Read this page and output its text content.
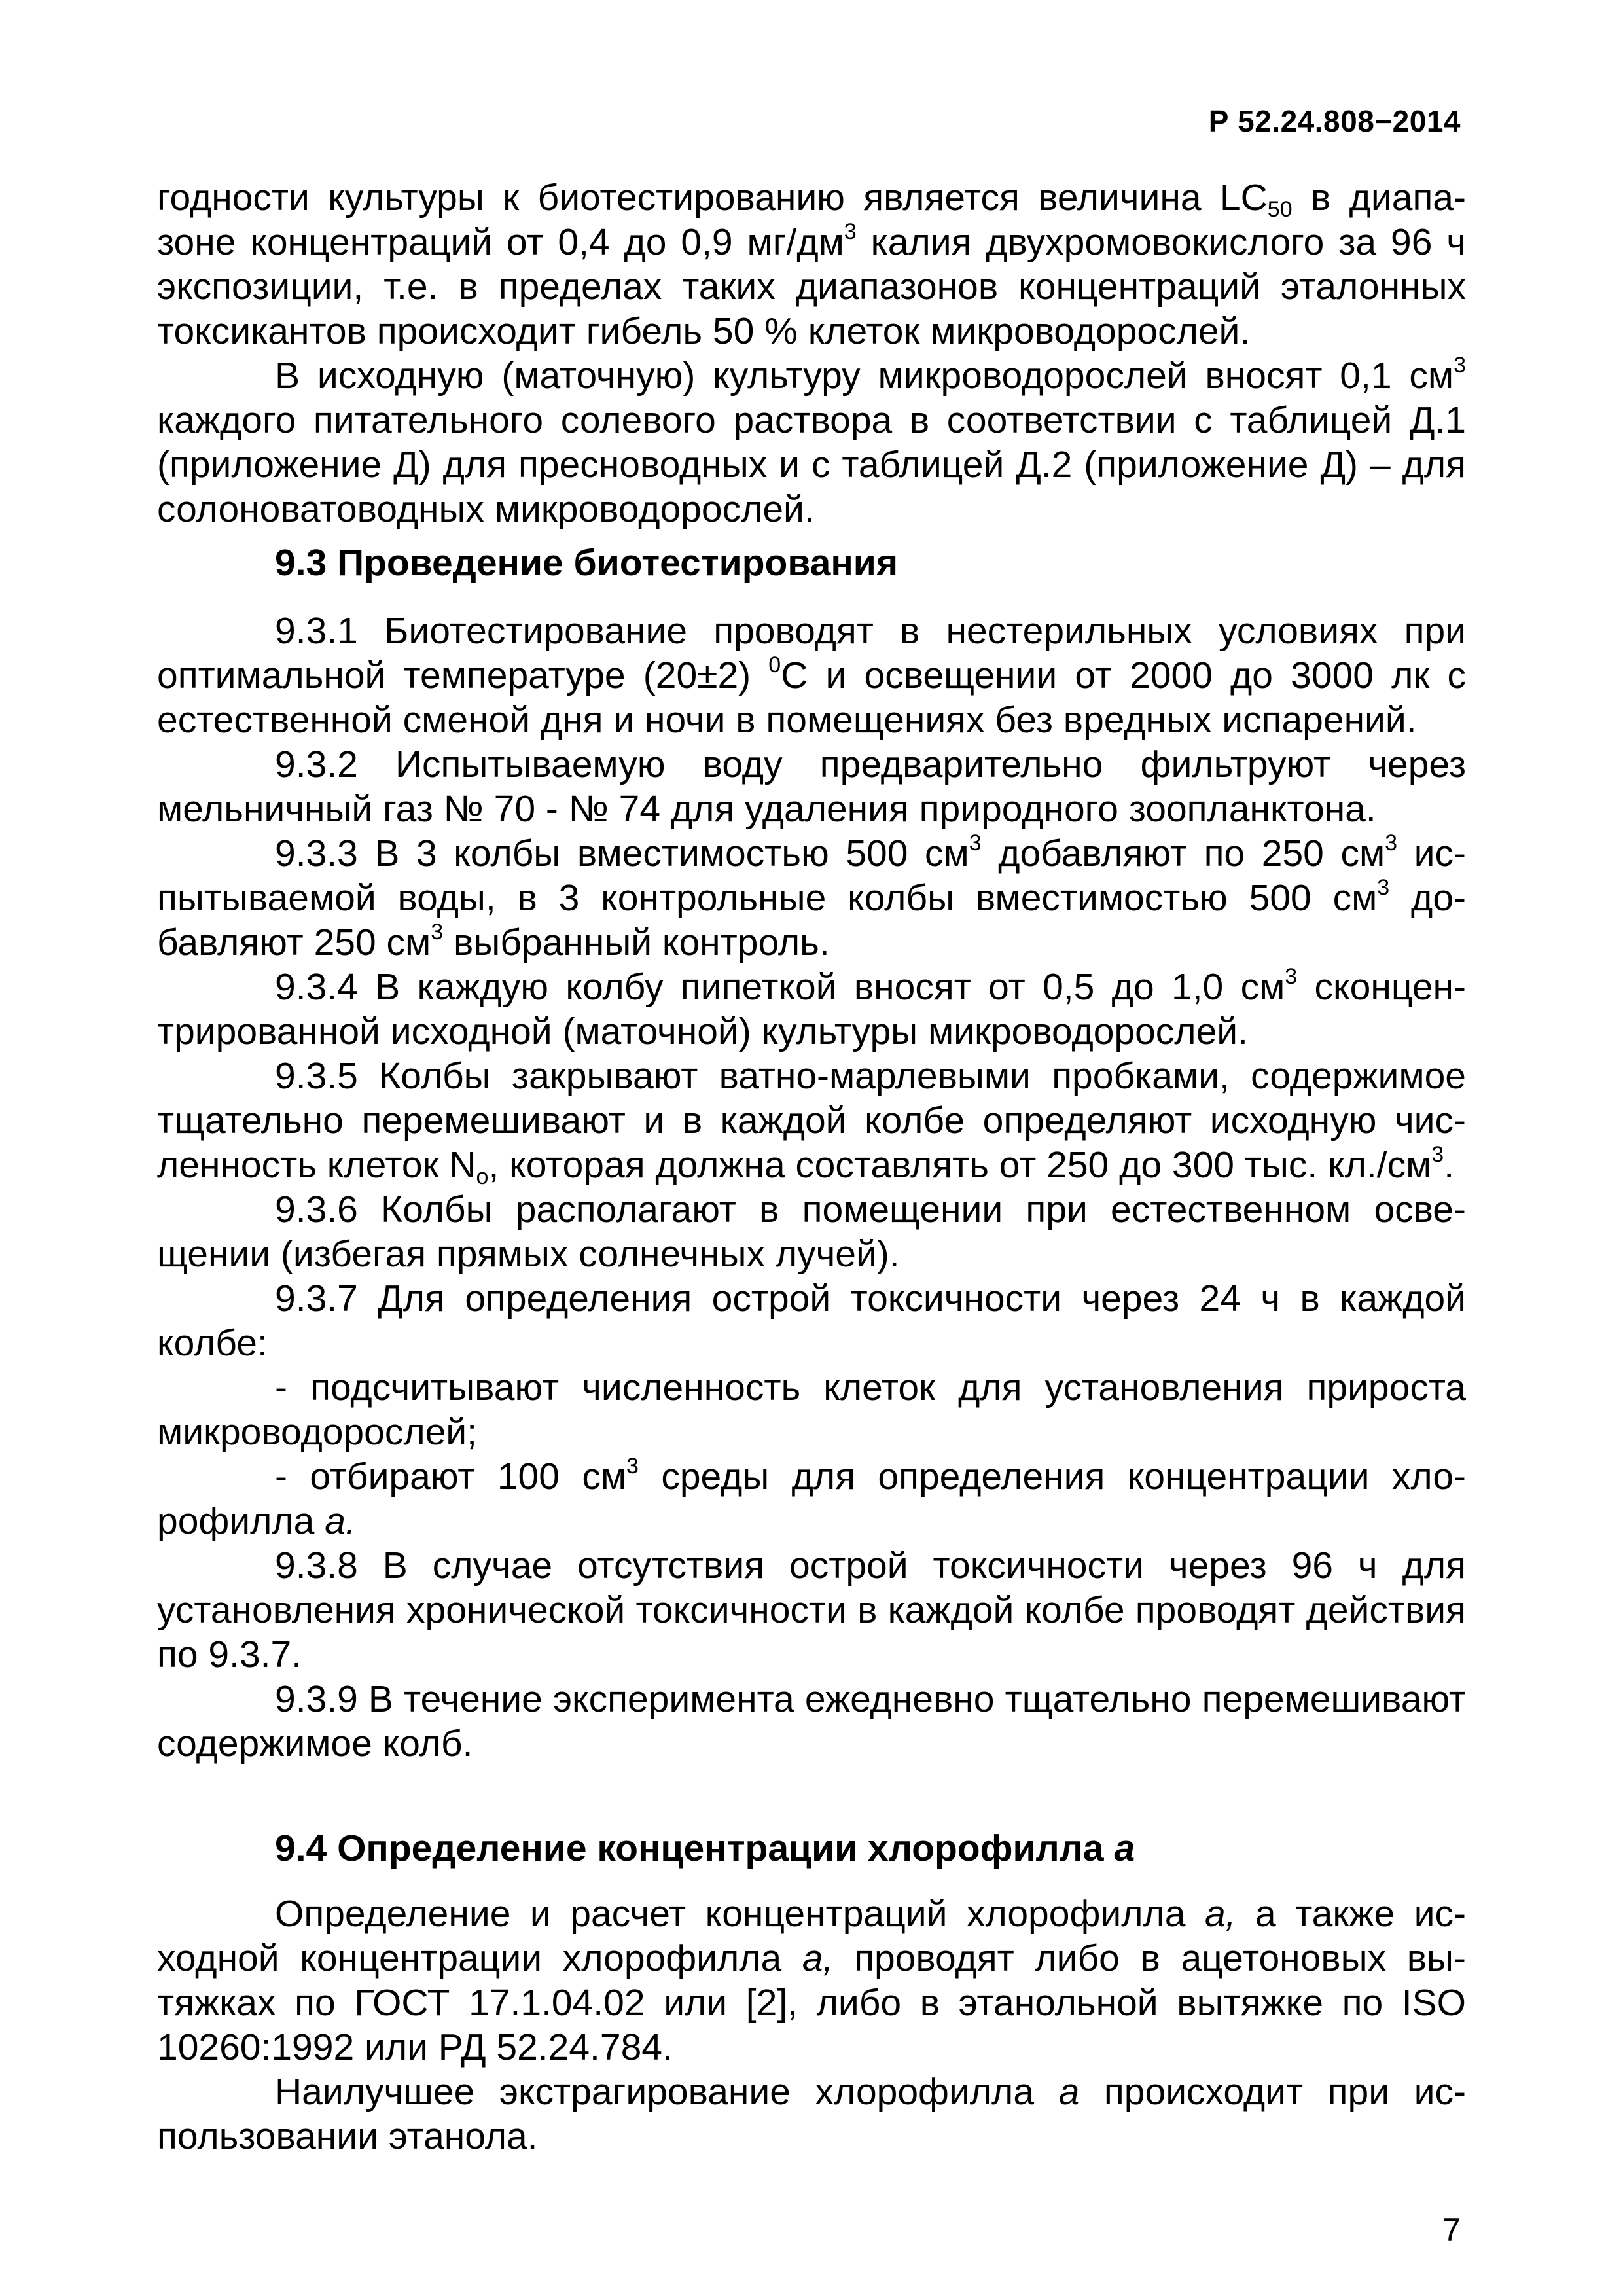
Р 52.24.808−2014

годности культуры к биотестированию является величина $LC_{50}$ в диапазоне концентраций от 0,4 до 0,9 $мг/дм^3$ калия двухромовокислого за 96 ч экспозиции, т.е. в пределах таких диапазонов концентраций эталонных токсикантов происходит гибель 50 % клеток микроводорослей.

В исходную (маточную) культуру микроводорослей вносят 0,1 $см^3$ каждого питательного солевого раствора в соответствии с таблицей Д.1 (приложение Д) для пресноводных и с таблицей Д.2 (приложение Д) – для солоноватоводных микроводорослей.

9.3 Проведение биотестирования

9.3.1 Биотестирование проводят в нестерильных условиях при оптимальной температуре (20±2) $^0$С и освещении от 2000 до 3000 лк с естественной сменой дня и ночи в помещениях без вредных испарений.

9.3.2 Испытываемую воду предварительно фильтруют через мельничный газ № 70 - № 74 для удаления природного зоопланктона.

9.3.3 В 3 колбы вместимостью 500 $см^3$ добавляют по 250 $см^3$ испытываемой воды, в 3 контрольные колбы вместимостью 500 $см^3$ добавляют 250 $см^3$ выбранный контроль.

9.3.4 В каждую колбу пипеткой вносят от 0,5 до 1,0 $см^3$ сконцентрированной исходной (маточной) культуры микроводорослей.

9.3.5 Колбы закрывают ватно-марлевыми пробками, содержимое тщательно перемешивают и в каждой колбе определяют исходную численность клеток $N_o$, которая должна составлять от 250 до 300 тыс. $кл./см^3$.

9.3.6 Колбы располагают в помещении при естественном освещении (избегая прямых солнечных лучей).

9.3.7 Для определения острой токсичности через 24 ч в каждой колбе:

- подсчитывают численность клеток для установления прироста микроводорослей;

- отбирают 100 $см^3$ среды для определения концентрации хлорофилла а.

9.3.8 В случае отсутствия острой токсичности через 96 ч для установления хронической токсичности в каждой колбе проводят действия по 9.3.7.

9.3.9 В течение эксперимента ежедневно тщательно перемешивают содержимое колб.

9.4 Определение концентрации хлорофилла а

Определение и расчет концентраций хлорофилла а, а также исходной концентрации хлорофилла а, проводят либо в ацетоновых вытяжках по ГОСТ 17.1.04.02 или [2], либо в этанольной вытяжке по ISO 10260:1992 или РД 52.24.784.

Наилучшее экстрагирование хлорофилла а происходит при использовании этанола.

7
